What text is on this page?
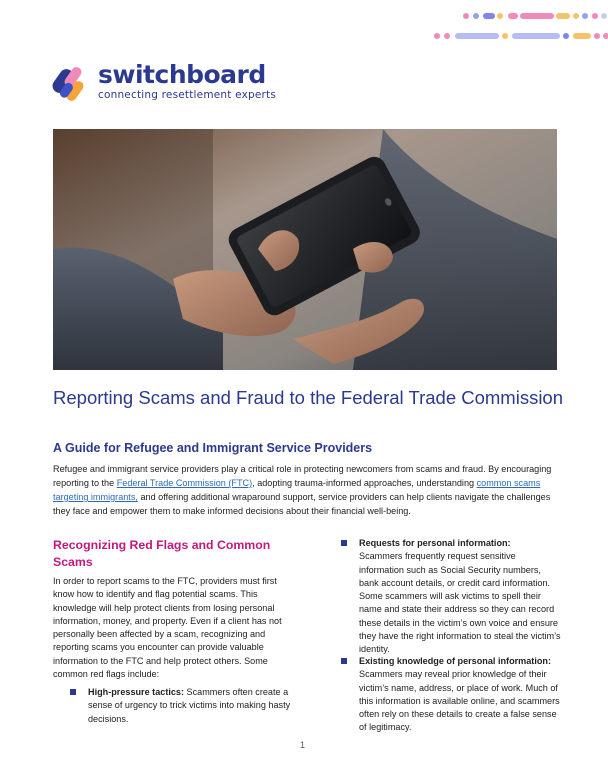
switchboard
connecting resettlement experts
Reporting Scams and Fraud to the Federal Trade Commission
A Guide for Refugee and Immigrant Service Providers
Refugee and immigrant service providers play a critical role in protecting newcomers from scams and fraud. By encouraging reporting to the Federal Trade Commission (FTC), adopting trauma-informed approaches, understanding common scams targeting immigrants, and offering additional wraparound support, service providers can help clients navigate the challenges they face and empower them to make informed decisions about their financial well-being.
Recognizing Red Flags and Common Scams
In order to report scams to the FTC, providers must first know how to identify and flag potential scams. This knowledge will help protect clients from losing personal information, money, and property. Even if a client has not personally been affected by a scam, recognizing and reporting scams you encounter can provide valuable information to the FTC and help protect others. Some common red flags include:
High-pressure tactics: Scammers often create a sense of urgency to trick victims into making hasty decisions.
Requests for personal information:
Scammers frequently request sensitive information such as Social Security numbers, bank account details, or credit card information. Some scammers will ask victims to spell their name and state their address so they can record these details in the victim’s own voice and ensure they have the right information to steal the victim’s identity.
Existing knowledge of personal information:
Scammers may reveal prior knowledge of their victim’s name, address, or place of work. Much of this information is available online, and scammers often rely on these details to create a false sense of legitimacy.
1
